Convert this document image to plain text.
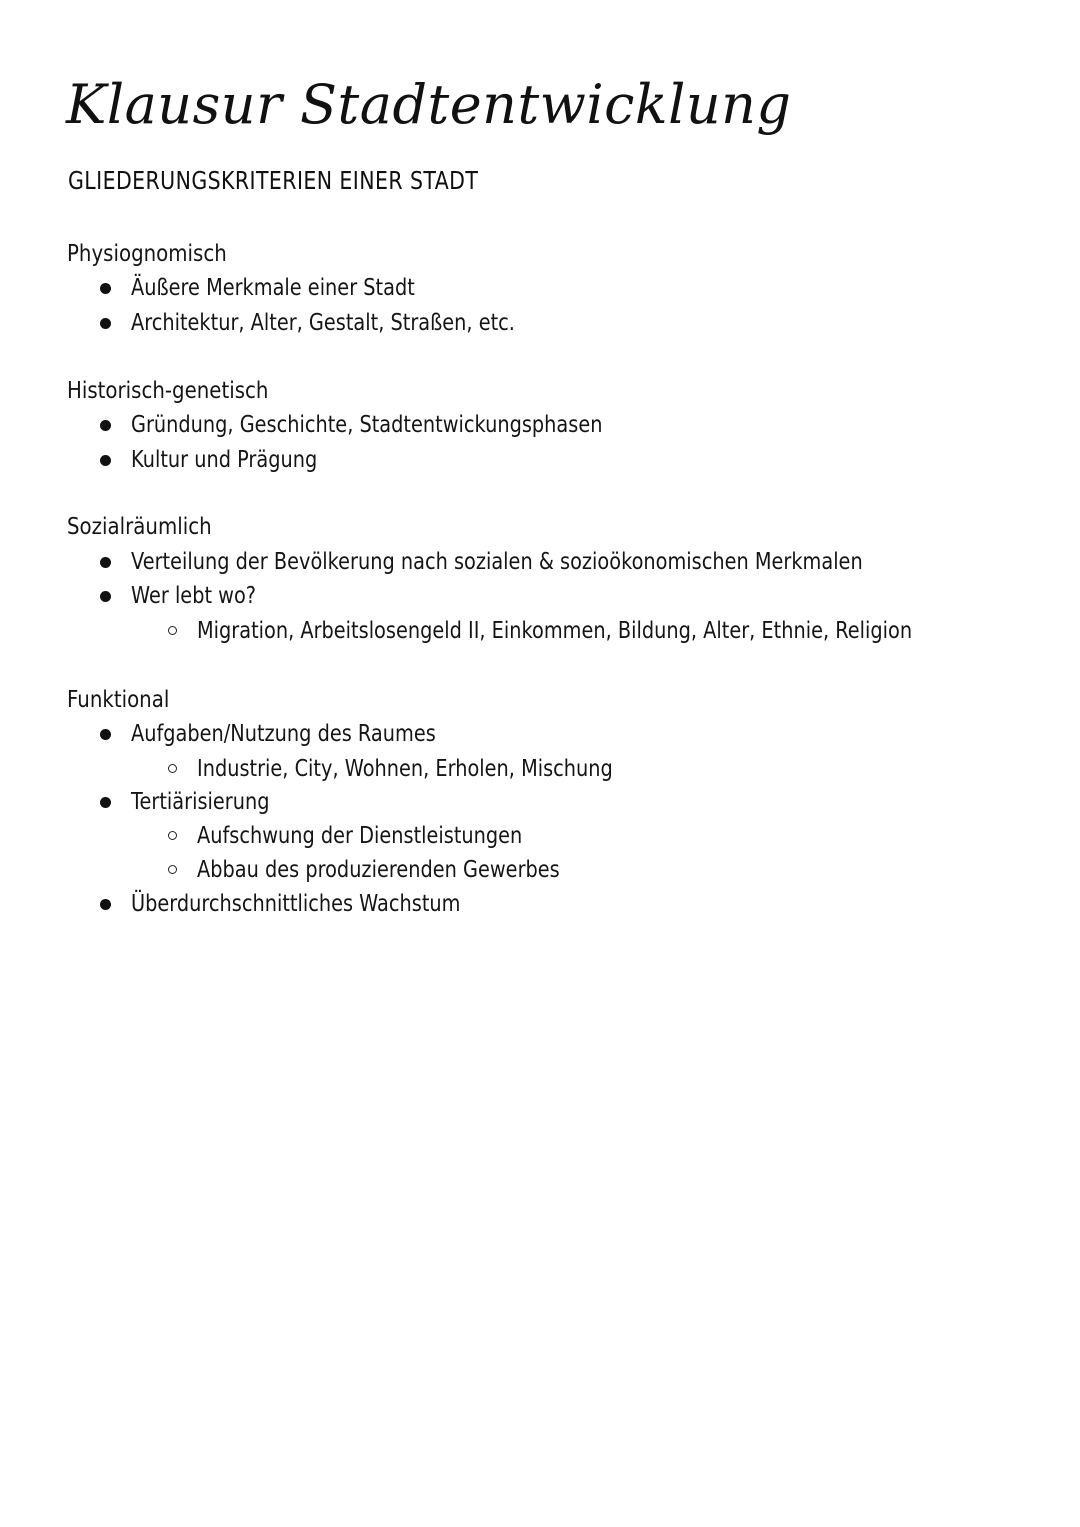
Klausur Stadtentwicklung
GLIEDERUNGSKRITERIEN EINER STADT
Physiognomisch
Äußere Merkmale einer Stadt
Architektur, Alter, Gestalt, Straßen, etc.
Historisch-genetisch
Gründung, Geschichte, Stadtentwickungsphasen
Kultur und Prägung
Sozialräumlich
Verteilung der Bevölkerung nach sozialen & sozioökonomischen Merkmalen
Wer lebt wo?
Migration, Arbeitslosengeld II, Einkommen, Bildung, Alter, Ethnie, Religion
Funktional
Aufgaben/Nutzung des Raumes
Industrie, City, Wohnen, Erholen, Mischung
Tertiärisierung
Aufschwung der Dienstleistungen
Abbau des produzierenden Gewerbes
Überdurchschnittliches Wachstum
